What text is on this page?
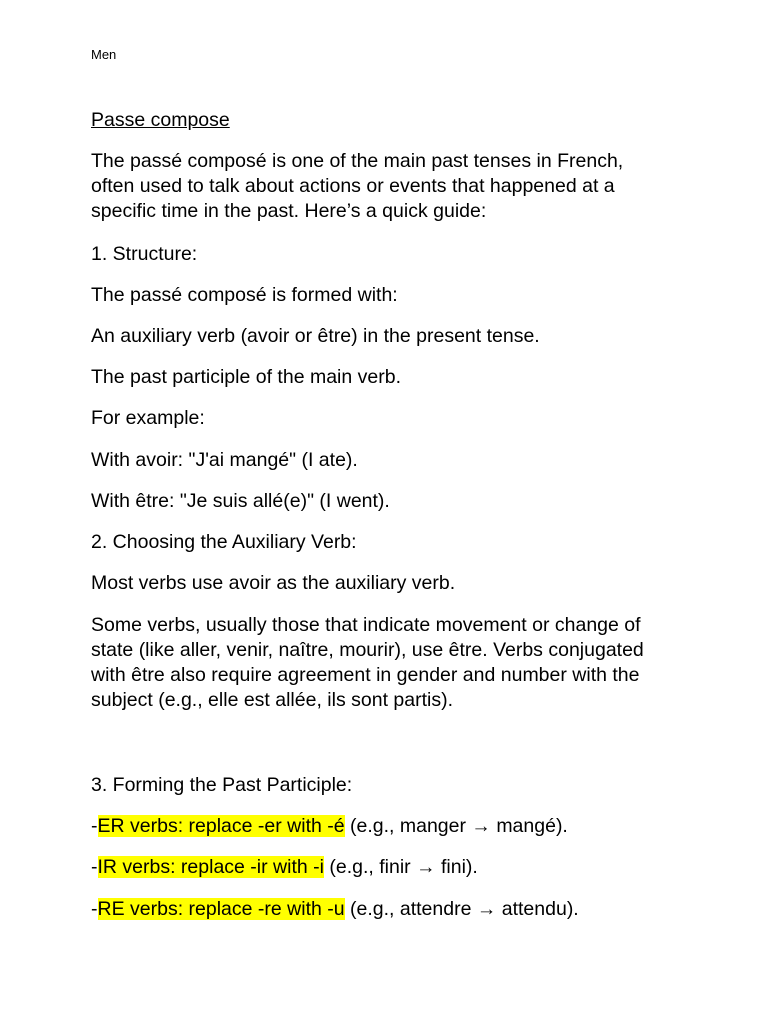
Men

Passe compose

The passé composé is one of the main past tenses in French, often used to talk about actions or events that happened at a specific time in the past. Here’s a quick guide:

1. Structure:

The passé composé is formed with:

An auxiliary verb (avoir or être) in the present tense.

The past participle of the main verb.

For example:

With avoir: "J'ai mangé" (I ate).

With être: "Je suis allé(e)" (I went).

2. Choosing the Auxiliary Verb:

Most verbs use avoir as the auxiliary verb.

Some verbs, usually those that indicate movement or change of state (like aller, venir, naître, mourir), use être. Verbs conjugated with être also require agreement in gender and number with the subject (e.g., elle est allée, ils sont partis).

3. Forming the Past Participle:

-ER verbs: replace -er with -é (e.g., manger → mangé).

-IR verbs: replace -ir with -i (e.g., finir → fini).

-RE verbs: replace -re with -u (e.g., attendre → attendu).
